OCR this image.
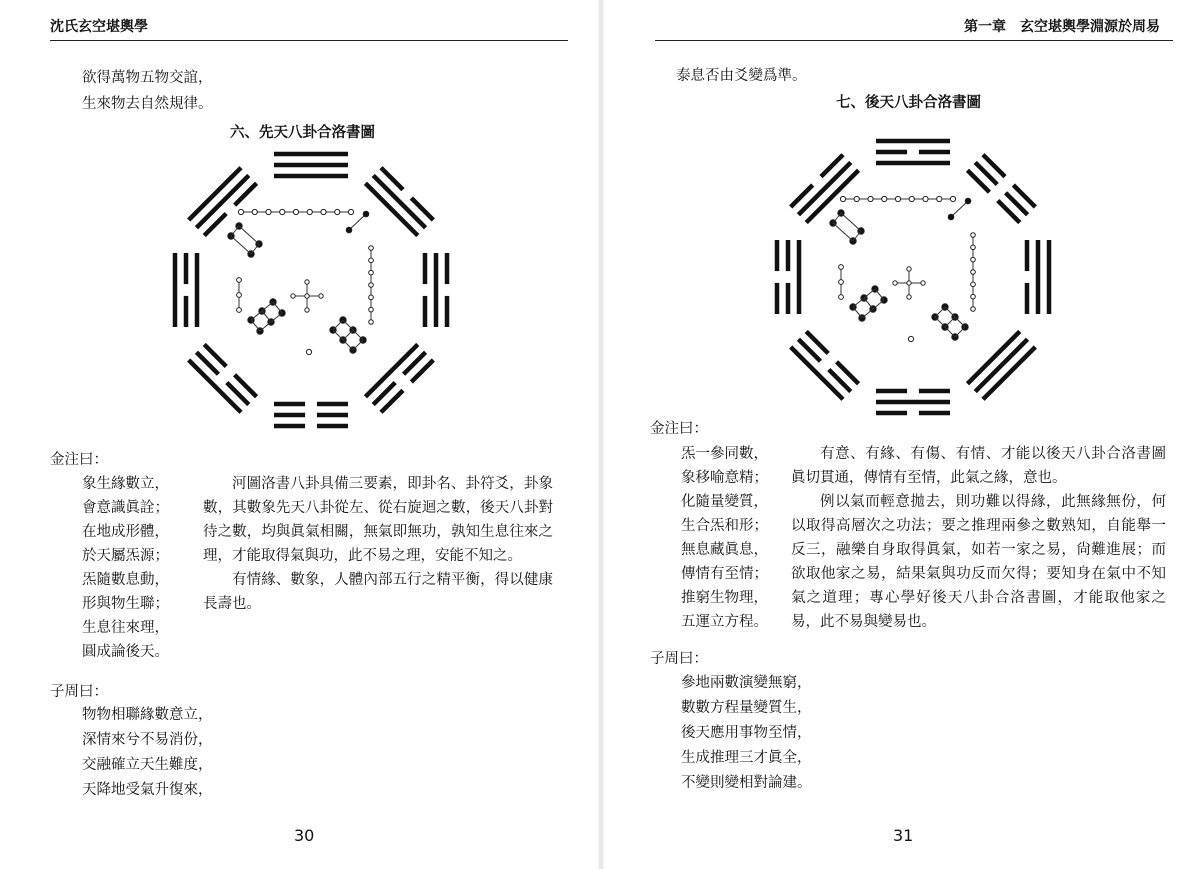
沈氏玄空堪輿學
欲得萬物五物交誼，
生來物去自然規律。
六、先天八卦合洛書圖
金注曰：
象生緣數立，
會意識眞詮；
在地成形體，
於天屬炁源；
炁隨數息動，
形與物生聯；
生息往來理，
圓成論後天。

河圖洛書八卦具備三要素，即卦名、卦符爻，卦象數，其數象先天八卦從左、從右旋迴之數，後天八卦對待之數，均與眞氣相關，無氣即無功，孰知生息往來之理，才能取得氣與功，此不易之理，安能不知之。

有情緣、數象，人體內部五行之精平衡，得以健康長壽也。

子周曰：
物物相聯緣數意立，
深情來兮不易消份，
交融確立天生難度，
天降地受氣升復來，
30
第一章　玄空堪輿學淵源於周易
泰息否由爻變爲準。
七、後天八卦合洛書圖
金注曰：
炁一參同數，
象移喻意精；
化隨量變質，
生合炁和形；
無息藏眞息，
傳情有至情；
推窮生物理，
五運立方程。

有意、有緣、有傷、有情、才能以後天八卦合洛書圖眞切貫通，傳情有至情，此氣之緣，意也。

例以氣而輕意拋去，則功難以得緣，此無緣無份，何以取得高層次之功法；要之推理兩參之數熟知，自能舉一反三，融樂自身取得眞氣，如若一家之易，尙難進展；而欲取他家之易，結果氣與功反而欠得；要知身在氣中不知氣之道理；專心學好後天八卦合洛書圖，才能取他家之易，此不易與變易也。

子周曰：
參地兩數演變無窮，
數數方程量變質生，
後天應用事物至情，
生成推理三才眞全，
不變則變相對論建。
31
